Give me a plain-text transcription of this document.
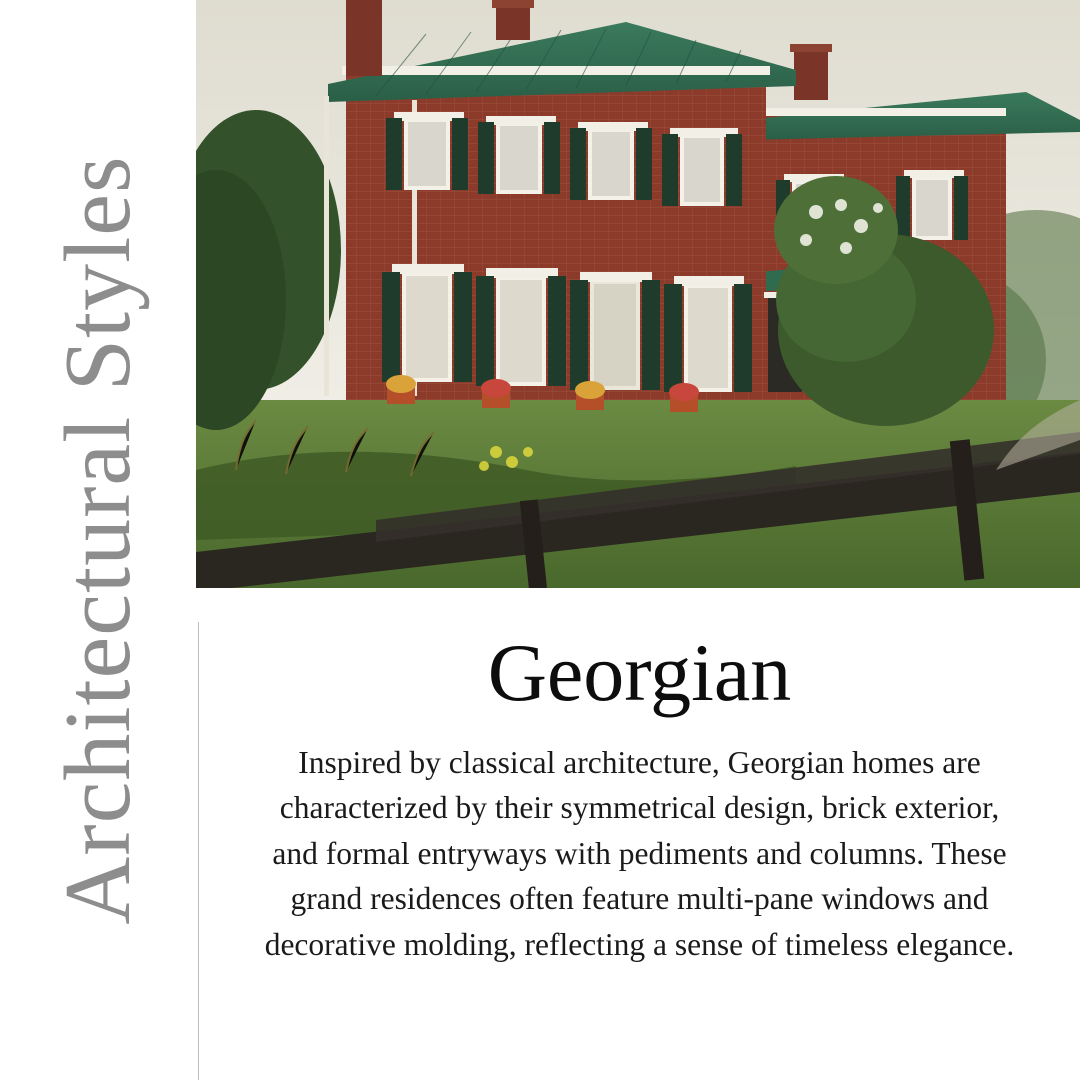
Architectural Styles	Georgian

Inspired by classical architecture, Georgian homes are characterized by their symmetrical design, brick exterior, and formal entryways with pediments and columns. These grand residences often feature multi-pane windows and decorative molding, reflecting a sense of timeless elegance.
